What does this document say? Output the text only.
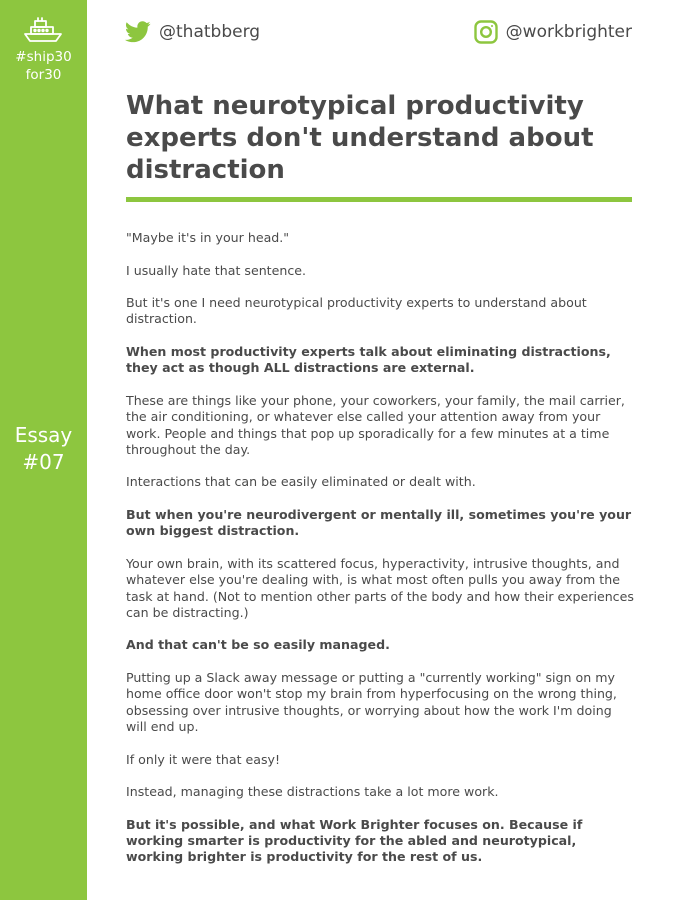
#ship30
for30
Essay
#07
@thatbberg	@workbrighter
What neurotypical productivity experts don't understand about distraction

"Maybe it's in your head."

I usually hate that sentence.

But it's one I need neurotypical productivity experts to understand about distraction.

When most productivity experts talk about eliminating distractions, they act as though ALL distractions are external.

These are things like your phone, your coworkers, your family, the mail carrier, the air conditioning, or whatever else called your attention away from your work. People and things that pop up sporadically for a few minutes at a time throughout the day.

Interactions that can be easily eliminated or dealt with.

But when you're neurodivergent or mentally ill, sometimes you're your own biggest distraction.

Your own brain, with its scattered focus, hyperactivity, intrusive thoughts, and whatever else you're dealing with, is what most often pulls you away from the task at hand. (Not to mention other parts of the body and how their experiences can be distracting.)

And that can't be so easily managed.

Putting up a Slack away message or putting a "currently working" sign on my home office door won't stop my brain from hyperfocusing on the wrong thing, obsessing over intrusive thoughts, or worrying about how the work I'm doing will end up.

If only it were that easy!

Instead, managing these distractions take a lot more work.

But it's possible, and what Work Brighter focuses on. Because if working smarter is productivity for the abled and neurotypical, working brighter is productivity for the rest of us.
